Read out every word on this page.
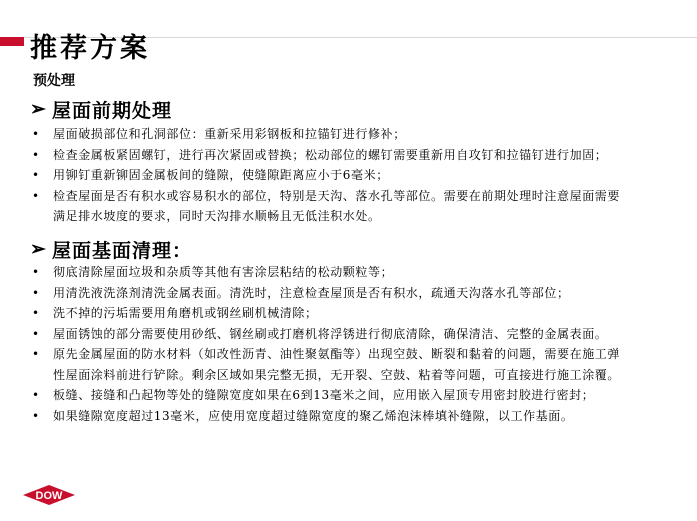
推荐方案
预处理
➢ 屋面前期处理
• 屋面破损部位和孔洞部位：重新采用彩钢板和拉锚钉进行修补；
• 检查金属板紧固螺钉，进行再次紧固或替换；松动部位的螺钉需要重新用自攻钉和拉锚钉进行加固；
• 用铆钉重新铆固金属板间的缝隙，使缝隙距离应小于6毫米；
• 检查屋面是否有积水或容易积水的部位，特别是天沟、落水孔等部位。需要在前期处理时注意屋面需要满足排水坡度的要求，同时天沟排水顺畅且无低洼积水处。
➢ 屋面基面清理：
• 彻底清除屋面垃圾和杂质等其他有害涂层粘结的松动颗粒等；
• 用清洗液洗涤剂清洗金属表面。清洗时，注意检查屋顶是否有积水，疏通天沟落水孔等部位；
• 洗不掉的污垢需要用角磨机或钢丝刷机械清除；
• 屋面锈蚀的部分需要使用砂纸、钢丝刷或打磨机将浮锈进行彻底清除，确保清洁、完整的金属表面。
• 原先金属屋面的防水材料（如改性沥青、油性聚氨酯等）出现空鼓、断裂和黏着的问题，需要在施工弹性屋面涂料前进行铲除。剩余区域如果完整无损，无开裂、空鼓、粘着等问题，可直接进行施工涂覆。
• 板缝、接缝和凸起物等处的缝隙宽度如果在6到13毫米之间，应用嵌入屋顶专用密封胶进行密封；
• 如果缝隙宽度超过13毫米，应使用宽度超过缝隙宽度的聚乙烯泡沫棒填补缝隙，以工作基面。
DOW
